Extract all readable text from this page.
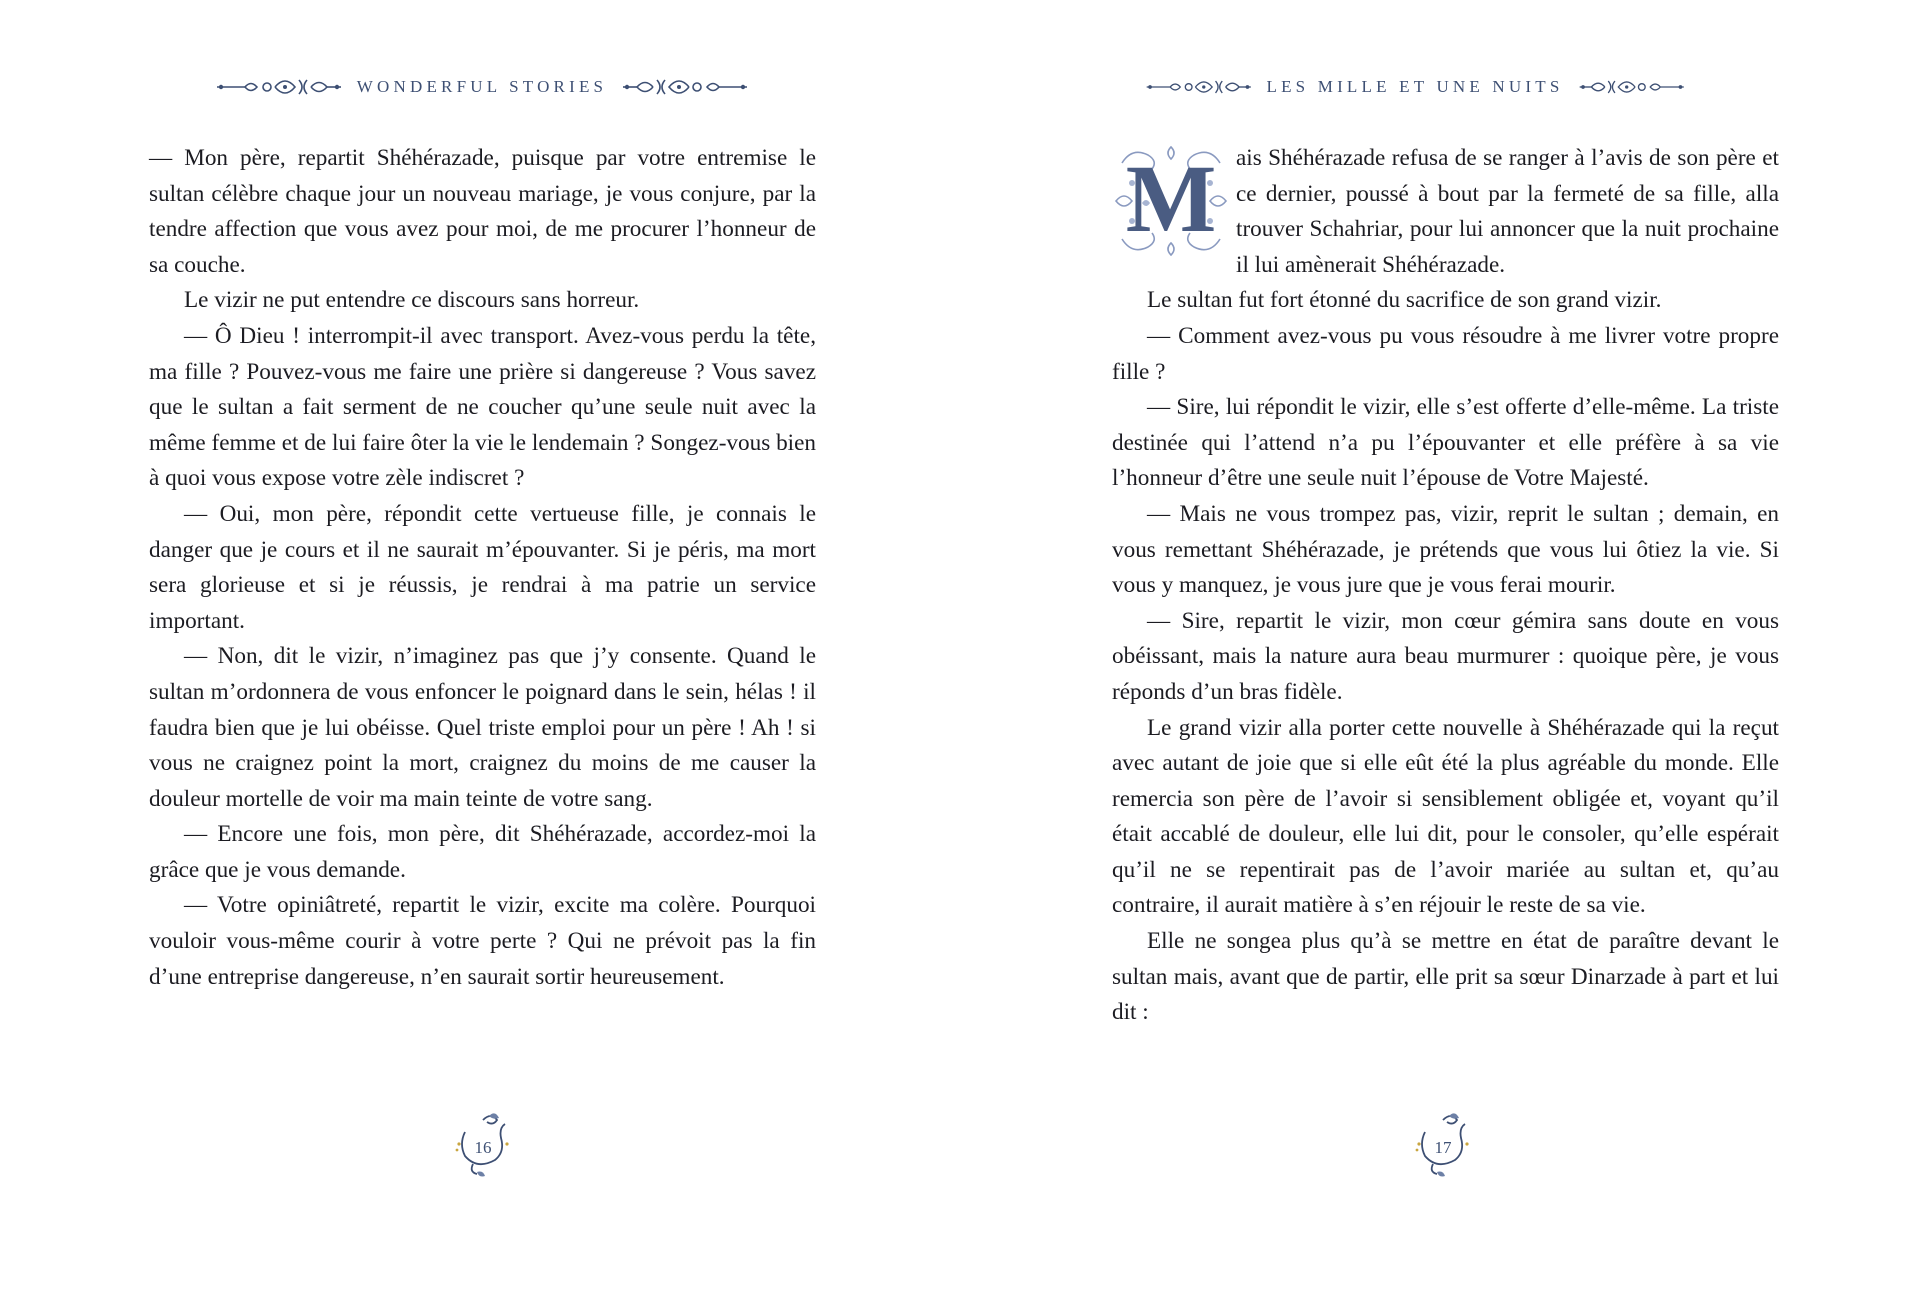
WONDERFUL STORIES

— Mon père, repartit Shéhérazade, puisque par votre entremise le sultan célèbre chaque jour un nouveau mariage, je vous conjure, par la tendre affection que vous avez pour moi, de me procurer l’honneur de sa couche.

Le vizir ne put entendre ce discours sans horreur.

— Ô Dieu ! interrompit-il avec transport. Avez-vous perdu la tête, ma fille ? Pouvez-vous me faire une prière si dangereuse ? Vous savez que le sultan a fait serment de ne coucher qu’une seule nuit avec la même femme et de lui faire ôter la vie le lendemain ? Songez-vous bien à quoi vous expose votre zèle indiscret ?

— Oui, mon père, répondit cette vertueuse fille, je connais le danger que je cours et il ne saurait m’épouvanter. Si je péris, ma mort sera glorieuse et si je réussis, je rendrai à ma patrie un service important.

— Non, dit le vizir, n’imaginez pas que j’y consente. Quand le sultan m’ordonnera de vous enfoncer le poignard dans le sein, hélas ! il faudra bien que je lui obéisse. Quel triste emploi pour un père ! Ah ! si vous ne craignez point la mort, craignez du moins de me causer la douleur mortelle de voir ma main teinte de votre sang.

— Encore une fois, mon père, dit Shéhérazade, accordez-moi la grâce que je vous demande.

— Votre opiniâtreté, repartit le vizir, excite ma colère. Pourquoi vouloir vous-même courir à votre perte ? Qui ne prévoit pas la fin d’une entreprise dangereuse, n’en saurait sortir heureusement.

16
LES MILLE ET UNE NUITS

M ais Shéhérazade refusa de se ranger à l’avis de son père et ce dernier, poussé à bout par la fermeté de sa fille, alla trouver Schahriar, pour lui annoncer que la nuit prochaine il lui amènerait Shéhérazade.

Le sultan fut fort étonné du sacrifice de son grand vizir.

— Comment avez-vous pu vous résoudre à me livrer votre propre fille ?

— Sire, lui répondit le vizir, elle s’est offerte d’elle-même. La triste destinée qui l’attend n’a pu l’épouvanter et elle préfère à sa vie l’honneur d’être une seule nuit l’épouse de Votre Majesté.

— Mais ne vous trompez pas, vizir, reprit le sultan ; demain, en vous remettant Shéhérazade, je prétends que vous lui ôtiez la vie. Si vous y manquez, je vous jure que je vous ferai mourir.

— Sire, repartit le vizir, mon cœur gémira sans doute en vous obéissant, mais la nature aura beau murmurer : quoique père, je vous réponds d’un bras fidèle.

Le grand vizir alla porter cette nouvelle à Shéhérazade qui la reçut avec autant de joie que si elle eût été la plus agréable du monde. Elle remercia son père de l’avoir si sensiblement obligée et, voyant qu’il était accablé de douleur, elle lui dit, pour le consoler, qu’elle espérait qu’il ne se repentirait pas de l’avoir mariée au sultan et, qu’au contraire, il aurait matière à s’en réjouir le reste de sa vie.

Elle ne songea plus qu’à se mettre en état de paraître devant le sultan mais, avant que de partir, elle prit sa sœur Dinarzade à part et lui dit :

17
